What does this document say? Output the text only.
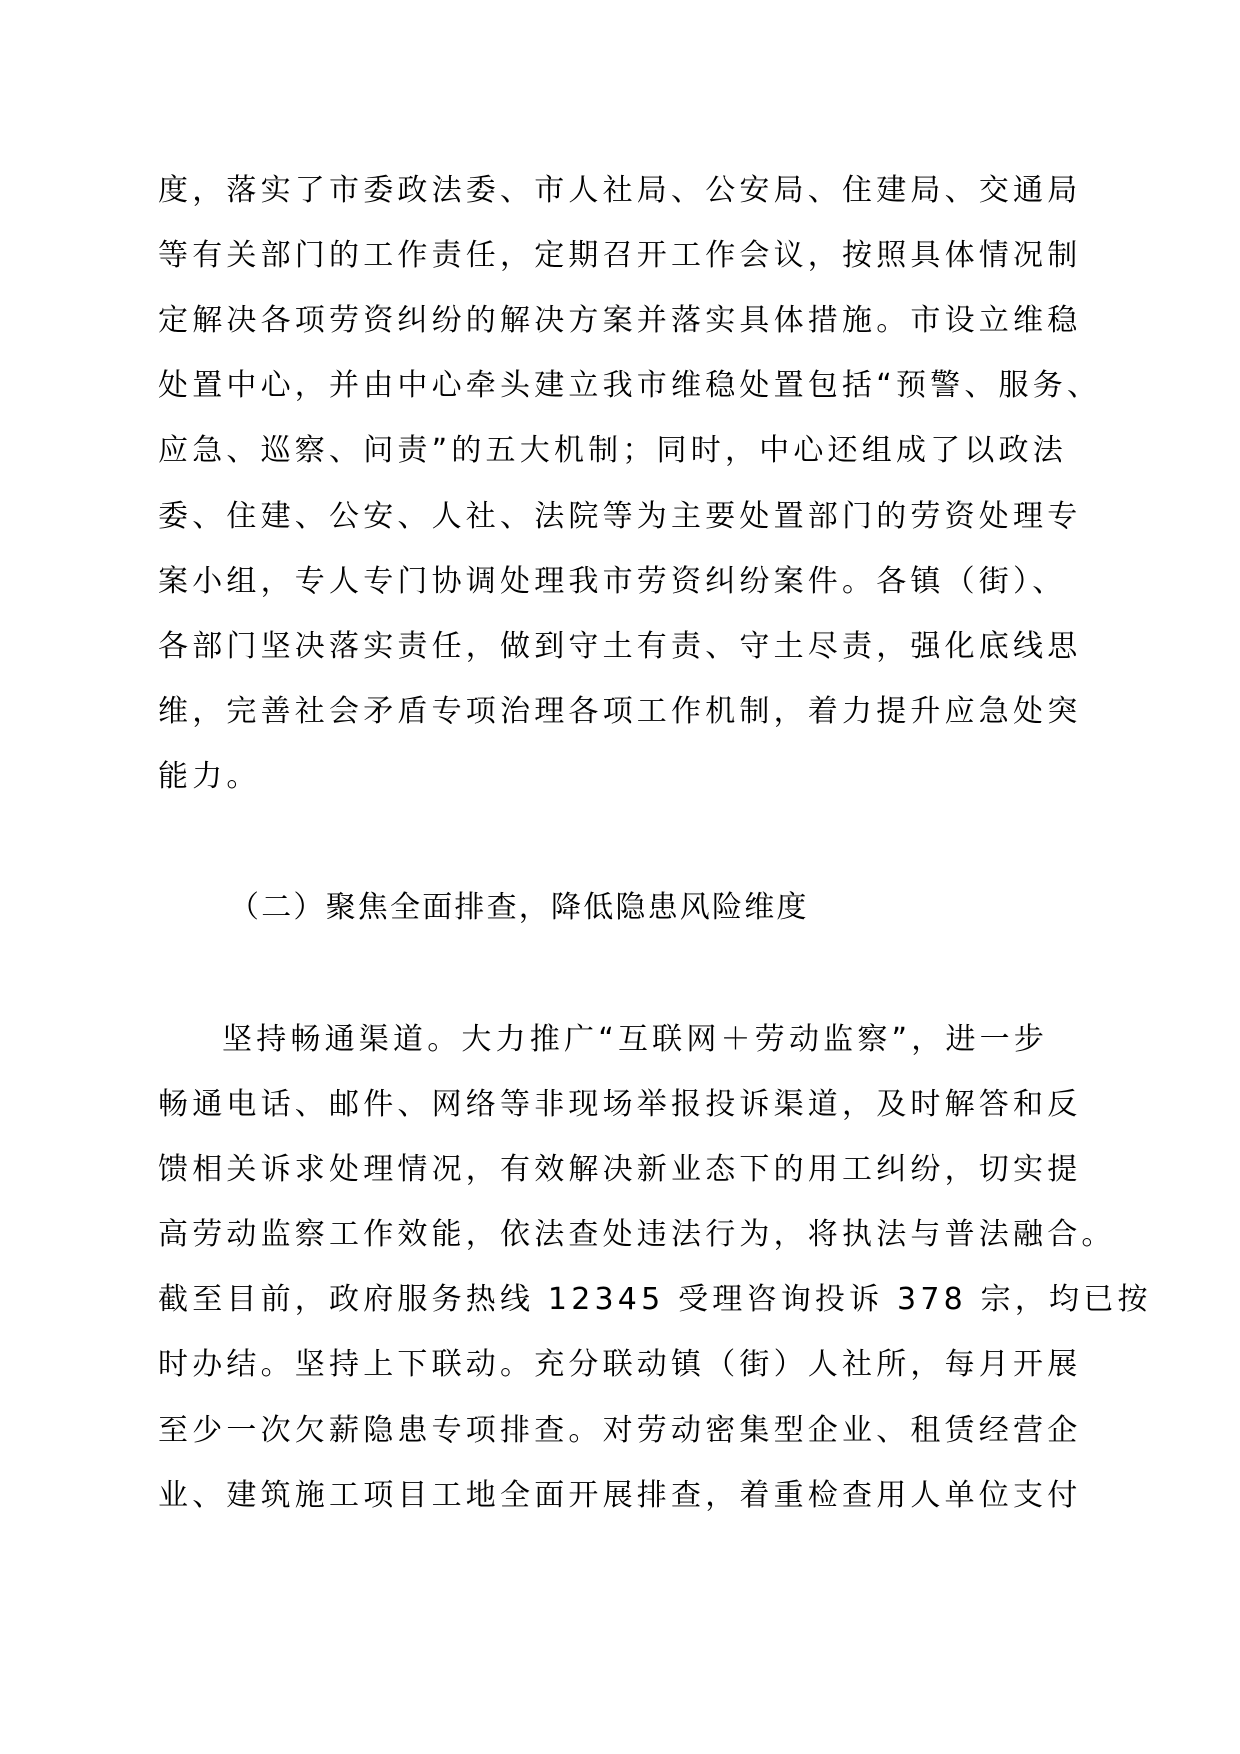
度，落实了市委政法委、市人社局、公安局、住建局、交通局
等有关部门的工作责任，定期召开工作会议，按照具体情况制
定解决各项劳资纠纷的解决方案并落实具体措施。市设立维稳
处置中心，并由中心牵头建立我市维稳处置包括“预警、服务、
应急、巡察、问责”的五大机制；同时，中心还组成了以政法
委、住建、公安、人社、法院等为主要处置部门的劳资处理专
案小组，专人专门协调处理我市劳资纠纷案件。各镇（街）、
各部门坚决落实责任，做到守土有责、守土尽责，强化底线思
维，完善社会矛盾专项治理各项工作机制，着力提升应急处突
能力。
（二）聚焦全面排查，降低隐患风险维度
坚持畅通渠道。大力推广“互联网＋劳动监察”，进一步
畅通电话、邮件、网络等非现场举报投诉渠道，及时解答和反
馈相关诉求处理情况，有效解决新业态下的用工纠纷，切实提
高劳动监察工作效能，依法查处违法行为，将执法与普法融合。
截至目前，政府服务热线 12345 受理咨询投诉 378 宗，均已按
时办结。坚持上下联动。充分联动镇（街）人社所，每月开展
至少一次欠薪隐患专项排查。对劳动密集型企业、租赁经营企
业、建筑施工项目工地全面开展排查，着重检查用人单位支付
